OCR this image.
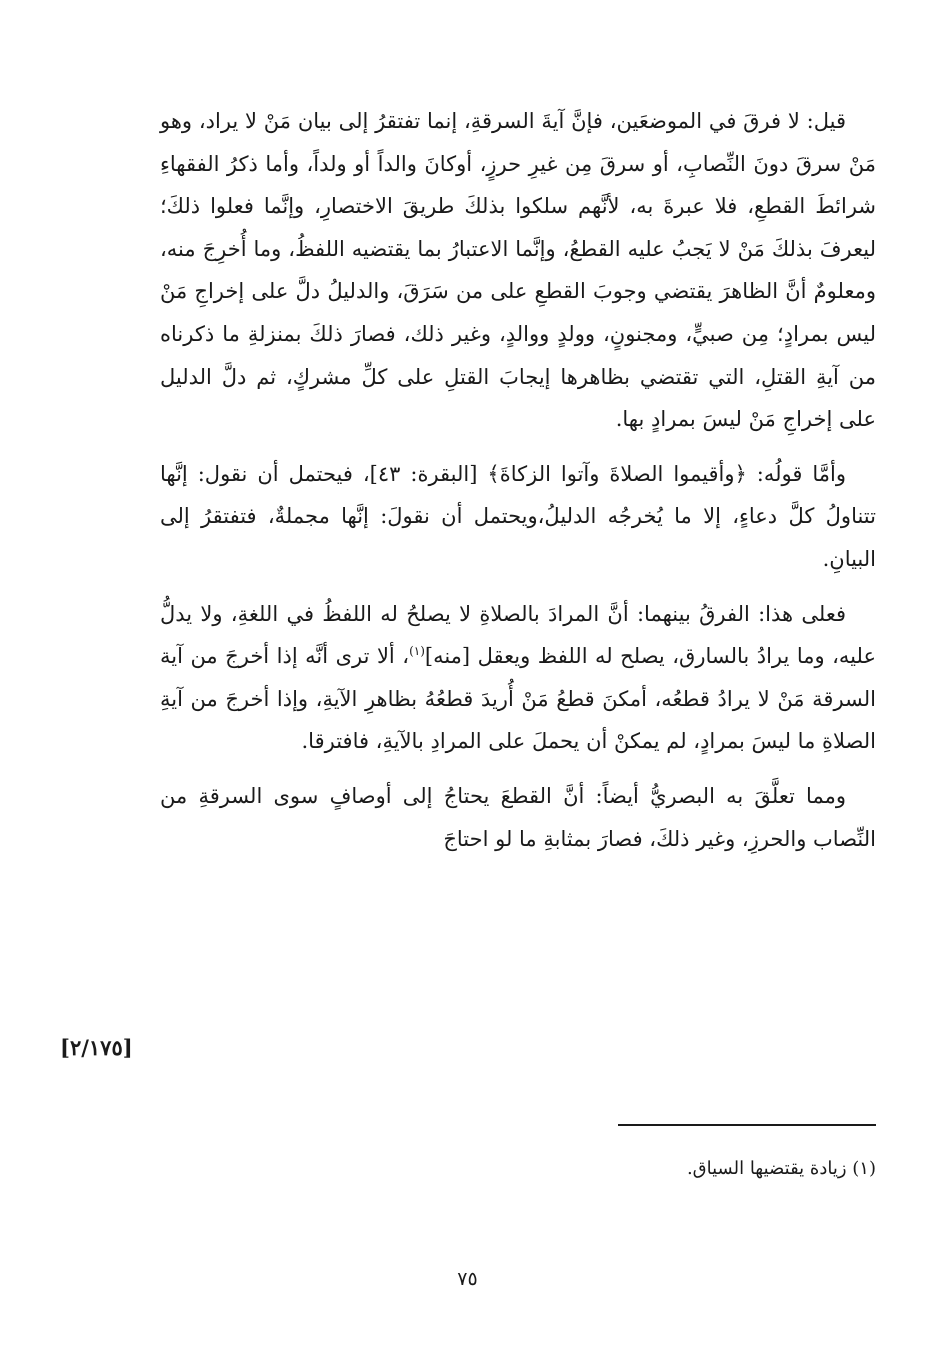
قيل: لا فرقَ في الموضعَين، فإنَّ آيةَ السرقةِ، إنما تفتقرُ إلى بيان مَنْ لا يراد، وهو مَنْ سرقَ دونَ النِّصابِ، أو سرقَ مِن غيرِ حرزٍ، أوكانَ والداً أو ولداً، وأما ذكرُ الفقهاءِ شرائطَ القطعِ، فلا عبرةَ به، لأنَّهم سلكوا بذلكَ طريقَ الاختصارِ، وإنَّما فعلوا ذلكَ؛ ليعرفَ بذلكَ مَنْ لا يَجبُ عليه القطعُ، وإنَّما الاعتبارُ بما يقتضيه اللفظُ، وما أُخرِجَ منه، ومعلومٌ أنَّ الظاهرَ يقتضي وجوبَ القطعِ على من سَرَقَ، والدليلُ دلَّ على إخراجِ مَنْ ليس بمرادٍ؛ مِن صبيٍّ، ومجنونٍ، وولدٍ ووالدٍ، وغير ذلك، فصارَ ذلكَ بمنزلةِ ما ذكرناه من آيةِ القتلِ، التي تقتضي بظاهرها إيجابَ القتلِ على كلِّ مشركٍ، ثم دلَّ الدليل على إخراجِ مَنْ ليسَ بمرادٍ بها.

وأمَّا قولُه: ﴿وأقيموا الصلاةَ وآتوا الزكاةَ﴾ [البقرة: ٤٣]، فيحتمل أن نقول: إنَّها تتناولُ كلَّ دعاءٍ، إلا ما يُخرجُه الدليلُ،ويحتمل أن نقولَ: إنَّها مجملةٌ، فتفتقرُ إلى البيانِ.

فعلى هذا: الفرقُ بينهما: أنَّ المرادَ بالصلاةِ لا يصلحُ له اللفظُ في اللغةِ، ولا يدلُّ عليه، وما يرادُ بالسارق، يصلح له اللفظ ويعقل [منه]$^{(١)}$، ألا ترى أنَّه إذا أخرجَ من آية السرقة مَنْ لا يرادُ قطعُه، أمكنَ قطعُ مَنْ أُريدَ قطعُهُ بظاهرِ الآيةِ، وإذا أخرجَ من آيةِ الصلاةِ ما ليسَ بمرادٍ، لم يمكنْ أن يحملَ على المرادِ بالآيةِ، فافترقا.

ومما تعلَّقَ به البصريُّ أيضاً: أنَّ القطعَ يحتاجُ إلى أوصافٍ سوى السرقةِ من النِّصاب والحرزِ، وغير ذلكَ، فصارَ بمثابةِ ما لو احتاجَ

[٢/١٧٥]

(١) زيادة يقتضيها السياق.

٧٥
